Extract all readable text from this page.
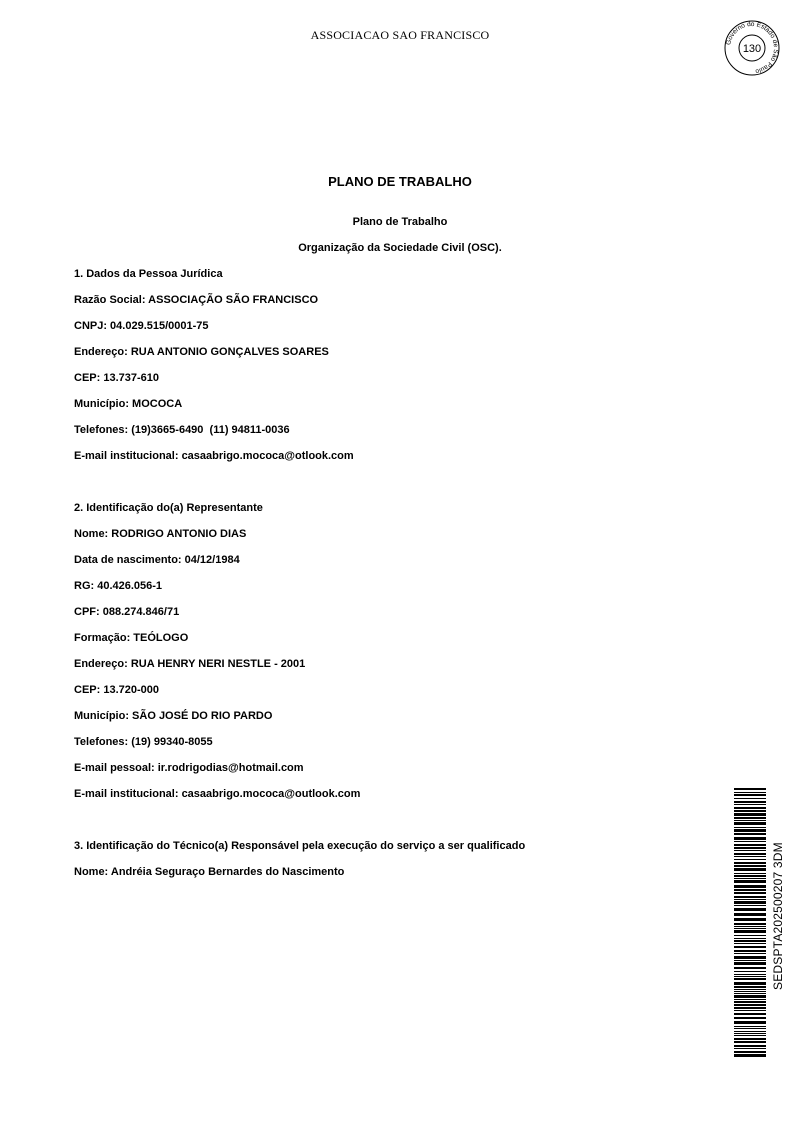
ASSOCIACAO SAO FRANCISCO
Governo do Estado de São Paulo
130
PLANO DE TRABALHO
Plano de Trabalho
Organização da Sociedade Civil (OSC).
1. Dados da Pessoa Jurídica
Razão Social: ASSOCIAÇÃO SÃO FRANCISCO
CNPJ: 04.029.515/0001-75
Endereço: RUA ANTONIO GONÇALVES SOARES
CEP: 13.737-610
Município: MOCOCA
Telefones: (19)3665-6490  (11) 94811-0036
E-mail institucional: casaabrigo.mococa@otlook.com
2. Identificação do(a) Representante
Nome: RODRIGO ANTONIO DIAS
Data de nascimento: 04/12/1984
RG: 40.426.056-1
CPF: 088.274.846/71
Formação: TEÓLOGO
Endereço: RUA HENRY NERI NESTLE - 2001
CEP: 13.720-000
Município: SÃO JOSÉ DO RIO PARDO
Telefones: (19) 99340-8055
E-mail pessoal: ir.rodrigodias@hotmail.com
E-mail institucional: casaabrigo.mococa@outlook.com
3. Identificação do Técnico(a) Responsável pela execução do serviço a ser qualificado
Nome: Andréia Seguraço Bernardes do Nascimento	SEDSPTA202500207 3DM
